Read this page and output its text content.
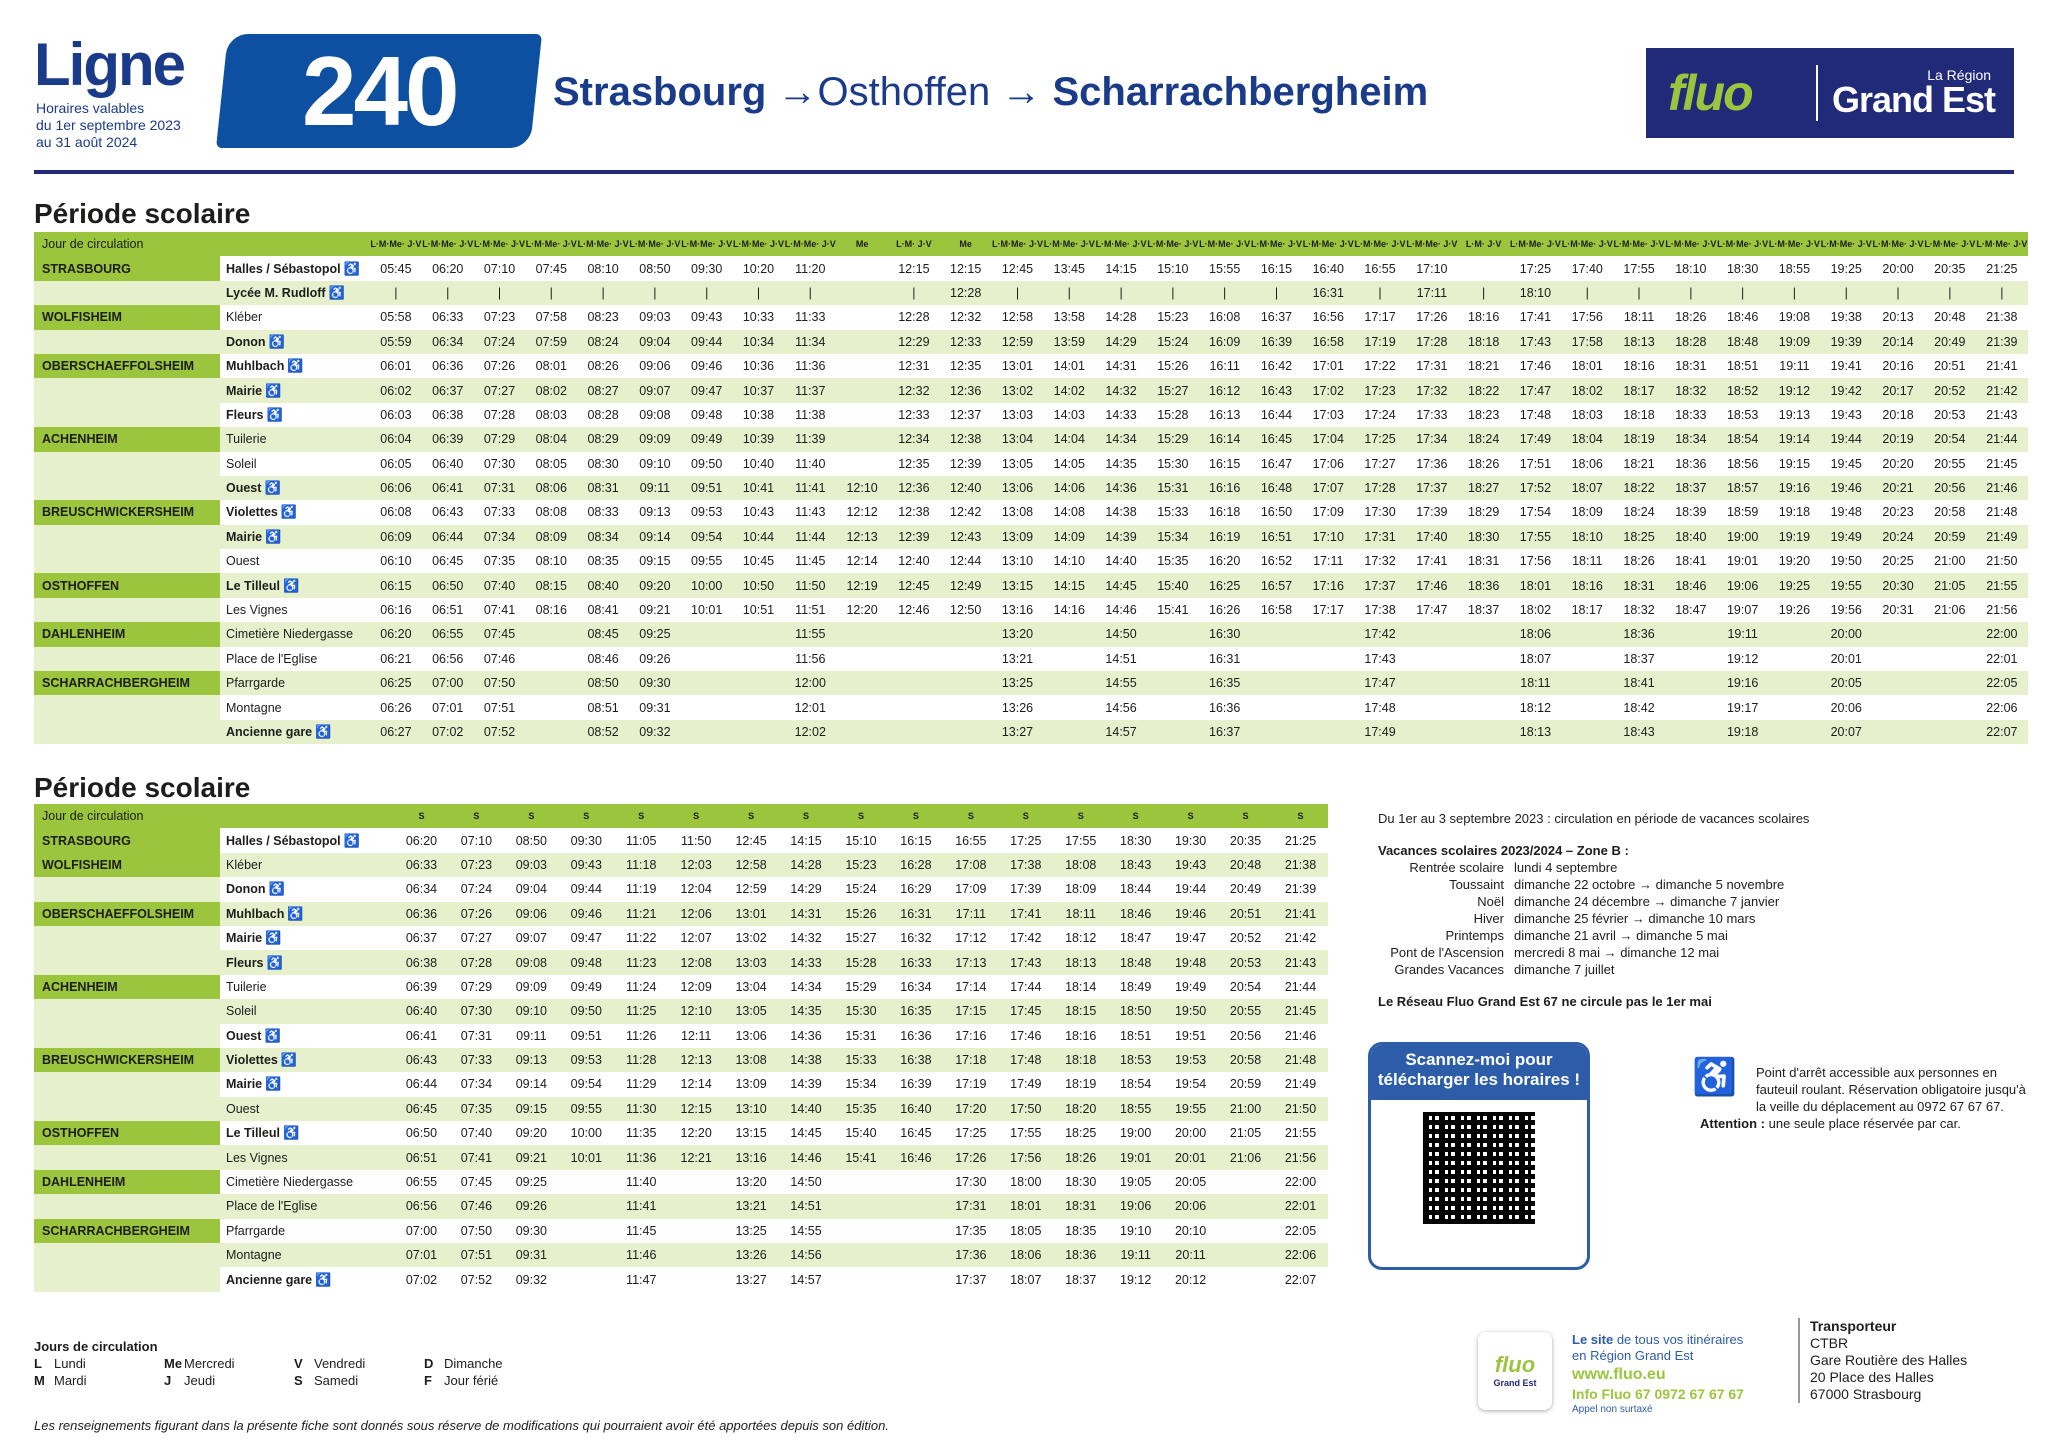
Ligne
Horaires valables
du 1er septembre 2023
au 31 août 2024	240	Strasbourg →Osthoffen → Scharrachbergheim	fluo	La Région
Grand Est
Période scolaire
Jour de circulation		L·M·Me· J·V	L·M·Me· J·V	L·M·Me· J·V	L·M·Me· J·V	L·M·Me· J·V	L·M·Me· J·V	L·M·Me· J·V	L·M·Me· J·V	L·M·Me· J·V	Me	L·M· J·V	Me	L·M·Me· J·V	L·M·Me· J·V	L·M·Me· J·V	L·M·Me· J·V	L·M·Me· J·V	L·M·Me· J·V	L·M·Me· J·V	L·M·Me· J·V	L·M·Me· J·V	L·M· J·V	L·M·Me· J·V	L·M·Me· J·V	L·M·Me· J·V	L·M·Me· J·V	L·M·Me· J·V	L·M·Me· J·V	L·M·Me· J·V	L·M·Me· J·V	L·M·Me· J·V	L·M·Me· J·V
STRASBOURG	Halles / Sébastopol ♿	05:45	06:20	07:10	07:45	08:10	08:50	09:30	10:20	11:20		12:15	12:15	12:45	13:45	14:15	15:10	15:55	16:15	16:40	16:55	17:10		17:25	17:40	17:55	18:10	18:30	18:55	19:25	20:00	20:35	21:25
	Lycée M. Rudloff ♿	|	|	|	|	|	|	|	|	|		|	12:28	|	|	|	|	|	|	16:31	|	17:11	|	18:10	|	|	|	|	|	|	|	|	|
WOLFISHEIM	Kléber	05:58	06:33	07:23	07:58	08:23	09:03	09:43	10:33	11:33		12:28	12:32	12:58	13:58	14:28	15:23	16:08	16:37	16:56	17:17	17:26	18:16	17:41	17:56	18:11	18:26	18:46	19:08	19:38	20:13	20:48	21:38
	Donon ♿	05:59	06:34	07:24	07:59	08:24	09:04	09:44	10:34	11:34		12:29	12:33	12:59	13:59	14:29	15:24	16:09	16:39	16:58	17:19	17:28	18:18	17:43	17:58	18:13	18:28	18:48	19:09	19:39	20:14	20:49	21:39
OBERSCHAEFFOLSHEIM	Muhlbach ♿	06:01	06:36	07:26	08:01	08:26	09:06	09:46	10:36	11:36		12:31	12:35	13:01	14:01	14:31	15:26	16:11	16:42	17:01	17:22	17:31	18:21	17:46	18:01	18:16	18:31	18:51	19:11	19:41	20:16	20:51	21:41
	Mairie ♿	06:02	06:37	07:27	08:02	08:27	09:07	09:47	10:37	11:37		12:32	12:36	13:02	14:02	14:32	15:27	16:12	16:43	17:02	17:23	17:32	18:22	17:47	18:02	18:17	18:32	18:52	19:12	19:42	20:17	20:52	21:42
	Fleurs ♿	06:03	06:38	07:28	08:03	08:28	09:08	09:48	10:38	11:38		12:33	12:37	13:03	14:03	14:33	15:28	16:13	16:44	17:03	17:24	17:33	18:23	17:48	18:03	18:18	18:33	18:53	19:13	19:43	20:18	20:53	21:43
ACHENHEIM	Tuilerie	06:04	06:39	07:29	08:04	08:29	09:09	09:49	10:39	11:39		12:34	12:38	13:04	14:04	14:34	15:29	16:14	16:45	17:04	17:25	17:34	18:24	17:49	18:04	18:19	18:34	18:54	19:14	19:44	20:19	20:54	21:44
	Soleil	06:05	06:40	07:30	08:05	08:30	09:10	09:50	10:40	11:40		12:35	12:39	13:05	14:05	14:35	15:30	16:15	16:47	17:06	17:27	17:36	18:26	17:51	18:06	18:21	18:36	18:56	19:15	19:45	20:20	20:55	21:45
	Ouest ♿	06:06	06:41	07:31	08:06	08:31	09:11	09:51	10:41	11:41	12:10	12:36	12:40	13:06	14:06	14:36	15:31	16:16	16:48	17:07	17:28	17:37	18:27	17:52	18:07	18:22	18:37	18:57	19:16	19:46	20:21	20:56	21:46
BREUSCHWICKERSHEIM	Violettes ♿	06:08	06:43	07:33	08:08	08:33	09:13	09:53	10:43	11:43	12:12	12:38	12:42	13:08	14:08	14:38	15:33	16:18	16:50	17:09	17:30	17:39	18:29	17:54	18:09	18:24	18:39	18:59	19:18	19:48	20:23	20:58	21:48
	Mairie ♿	06:09	06:44	07:34	08:09	08:34	09:14	09:54	10:44	11:44	12:13	12:39	12:43	13:09	14:09	14:39	15:34	16:19	16:51	17:10	17:31	17:40	18:30	17:55	18:10	18:25	18:40	19:00	19:19	19:49	20:24	20:59	21:49
	Ouest	06:10	06:45	07:35	08:10	08:35	09:15	09:55	10:45	11:45	12:14	12:40	12:44	13:10	14:10	14:40	15:35	16:20	16:52	17:11	17:32	17:41	18:31	17:56	18:11	18:26	18:41	19:01	19:20	19:50	20:25	21:00	21:50
OSTHOFFEN	Le Tilleul ♿	06:15	06:50	07:40	08:15	08:40	09:20	10:00	10:50	11:50	12:19	12:45	12:49	13:15	14:15	14:45	15:40	16:25	16:57	17:16	17:37	17:46	18:36	18:01	18:16	18:31	18:46	19:06	19:25	19:55	20:30	21:05	21:55
	Les Vignes	06:16	06:51	07:41	08:16	08:41	09:21	10:01	10:51	11:51	12:20	12:46	12:50	13:16	14:16	14:46	15:41	16:26	16:58	17:17	17:38	17:47	18:37	18:02	18:17	18:32	18:47	19:07	19:26	19:56	20:31	21:06	21:56
DAHLENHEIM	Cimetière Niedergasse	06:20	06:55	07:45		08:45	09:25			11:55				13:20		14:50		16:30			17:42			18:06		18:36		19:11		20:00			22:00
	Place de l'Eglise	06:21	06:56	07:46		08:46	09:26			11:56				13:21		14:51		16:31			17:43			18:07		18:37		19:12		20:01			22:01
SCHARRACHBERGHEIM	Pfarrgarde	06:25	07:00	07:50		08:50	09:30			12:00				13:25		14:55		16:35			17:47			18:11		18:41		19:16		20:05			22:05
	Montagne	06:26	07:01	07:51		08:51	09:31			12:01				13:26		14:56		16:36			17:48			18:12		18:42		19:17		20:06			22:06
	Ancienne gare ♿	06:27	07:02	07:52		08:52	09:32			12:02				13:27		14:57		16:37			17:49			18:13		18:43		19:18		20:07			22:07
Période scolaire
Jour de circulation		S	S	S	S	S	S	S	S	S	S	S	S	S	S	S	S	S
STRASBOURG	Halles / Sébastopol ♿	06:20	07:10	08:50	09:30	11:05	11:50	12:45	14:15	15:10	16:15	16:55	17:25	17:55	18:30	19:30	20:35	21:25
WOLFISHEIM	Kléber	06:33	07:23	09:03	09:43	11:18	12:03	12:58	14:28	15:23	16:28	17:08	17:38	18:08	18:43	19:43	20:48	21:38
	Donon ♿	06:34	07:24	09:04	09:44	11:19	12:04	12:59	14:29	15:24	16:29	17:09	17:39	18:09	18:44	19:44	20:49	21:39
OBERSCHAEFFOLSHEIM	Muhlbach ♿	06:36	07:26	09:06	09:46	11:21	12:06	13:01	14:31	15:26	16:31	17:11	17:41	18:11	18:46	19:46	20:51	21:41
	Mairie ♿	06:37	07:27	09:07	09:47	11:22	12:07	13:02	14:32	15:27	16:32	17:12	17:42	18:12	18:47	19:47	20:52	21:42
	Fleurs ♿	06:38	07:28	09:08	09:48	11:23	12:08	13:03	14:33	15:28	16:33	17:13	17:43	18:13	18:48	19:48	20:53	21:43
ACHENHEIM	Tuilerie	06:39	07:29	09:09	09:49	11:24	12:09	13:04	14:34	15:29	16:34	17:14	17:44	18:14	18:49	19:49	20:54	21:44
	Soleil	06:40	07:30	09:10	09:50	11:25	12:10	13:05	14:35	15:30	16:35	17:15	17:45	18:15	18:50	19:50	20:55	21:45
	Ouest ♿	06:41	07:31	09:11	09:51	11:26	12:11	13:06	14:36	15:31	16:36	17:16	17:46	18:16	18:51	19:51	20:56	21:46
BREUSCHWICKERSHEIM	Violettes ♿	06:43	07:33	09:13	09:53	11:28	12:13	13:08	14:38	15:33	16:38	17:18	17:48	18:18	18:53	19:53	20:58	21:48
	Mairie ♿	06:44	07:34	09:14	09:54	11:29	12:14	13:09	14:39	15:34	16:39	17:19	17:49	18:19	18:54	19:54	20:59	21:49
	Ouest	06:45	07:35	09:15	09:55	11:30	12:15	13:10	14:40	15:35	16:40	17:20	17:50	18:20	18:55	19:55	21:00	21:50
OSTHOFFEN	Le Tilleul ♿	06:50	07:40	09:20	10:00	11:35	12:20	13:15	14:45	15:40	16:45	17:25	17:55	18:25	19:00	20:00	21:05	21:55
	Les Vignes	06:51	07:41	09:21	10:01	11:36	12:21	13:16	14:46	15:41	16:46	17:26	17:56	18:26	19:01	20:01	21:06	21:56
DAHLENHEIM	Cimetière Niedergasse	06:55	07:45	09:25		11:40		13:20	14:50			17:30	18:00	18:30	19:05	20:05		22:00
	Place de l'Eglise	06:56	07:46	09:26		11:41		13:21	14:51			17:31	18:01	18:31	19:06	20:06		22:01
SCHARRACHBERGHEIM	Pfarrgarde	07:00	07:50	09:30		11:45		13:25	14:55			17:35	18:05	18:35	19:10	20:10		22:05
	Montagne	07:01	07:51	09:31		11:46		13:26	14:56			17:36	18:06	18:36	19:11	20:11		22:06
	Ancienne gare ♿	07:02	07:52	09:32		11:47		13:27	14:57			17:37	18:07	18:37	19:12	20:12		22:07
Du 1er au 3 septembre 2023 : circulation en période de vacances scolaires
Vacances scolaires 2023/2024 – Zone B :
Rentrée scolaire lundi 4 septembre
Toussaint dimanche 22 octobre → dimanche 5 novembre
Noël dimanche 24 décembre → dimanche 7 janvier
Hiver dimanche 25 février → dimanche 10 mars
Printemps dimanche 21 avril → dimanche 5 mai
Pont de l'Ascension mercredi 8 mai → dimanche 12 mai
Grandes Vacances dimanche 7 juillet
Le Réseau Fluo Grand Est 67 ne circule pas le 1er mai
Scannez-moi pour télécharger les horaires !	♿	Point d'arrêt accessible aux personnes en fauteuil roulant. Réservation obligatoire jusqu'à la veille du déplacement au 0972 67 67 67.
Attention : une seule place réservée par car.
Jours de circulation
L Lundi	Me Mercredi	V Vendredi	D Dimanche
M Mardi	J Jeudi	S Samedi	F Jour férié
Les renseignements figurant dans la présente fiche sont donnés sous réserve de modifications qui pourraient avoir été apportées depuis son édition.
fluo
Grand Est
Le site de tous vos itinéraires
en Région Grand Est
www.fluo.eu
Info Fluo 67 0972 67 67 67
Appel non surtaxé
Transporteur
CTBR
Gare Routière des Halles
20 Place des Halles
67000 Strasbourg
